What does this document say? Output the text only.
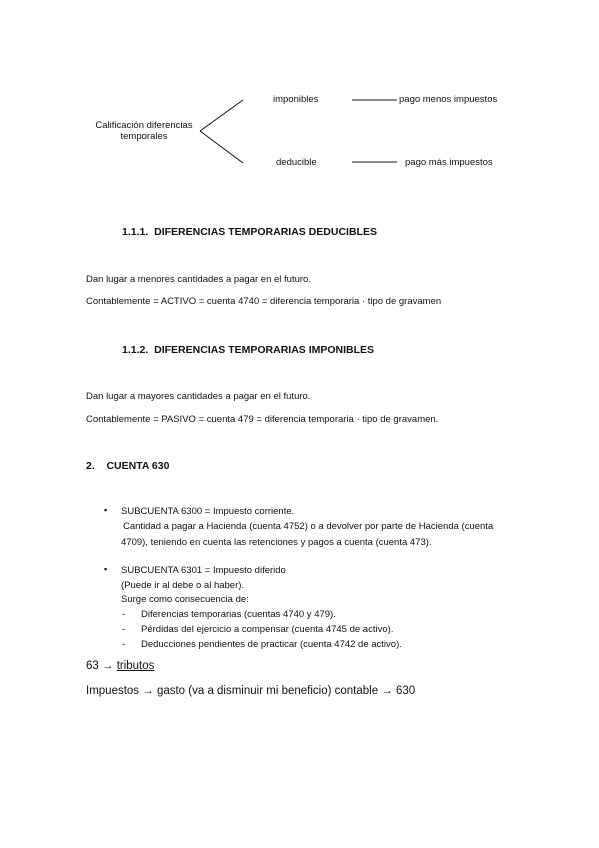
Calificación diferencias
temporales
imponibles
deducible
pago menos impuestos
pago más impuestos
1.1.1. DIFERENCIAS TEMPORARIAS DEDUCIBLES
Dan lugar a menores cantidades a pagar en el futuro.
Contablemente = ACTIVO = cuenta 4740 = diferencia temporaria · tipo de gravamen
1.1.2. DIFERENCIAS TEMPORARIAS IMPONIBLES
Dan lugar a mayores cantidades a pagar en el futuro.
Contablemente = PASIVO = cuenta 479 = diferencia temporaria · tipo de gravamen.
2. CUENTA 630
▪ SUBCUENTA 6300 = Impuesto corriente.
Cantidad a pagar a Hacienda (cuenta 4752) o a devolver por parte de Hacienda (cuenta
4709), teniendo en cuenta las retenciones y pagos a cuenta (cuenta 473).
▪ SUBCUENTA 6301 = Impuesto diferido
(Puede ir al debe o al haber).
Surge como consecuencia de:
- Diferencias temporarias (cuentas 4740 y 479).
- Pérdidas del ejercicio a compensar (cuenta 4745 de activo).
- Deducciones pendientes de practicar (cuenta 4742 de activo).
63 → tributos
Impuestos → gasto (va a disminuir mi beneficio) contable → 630
